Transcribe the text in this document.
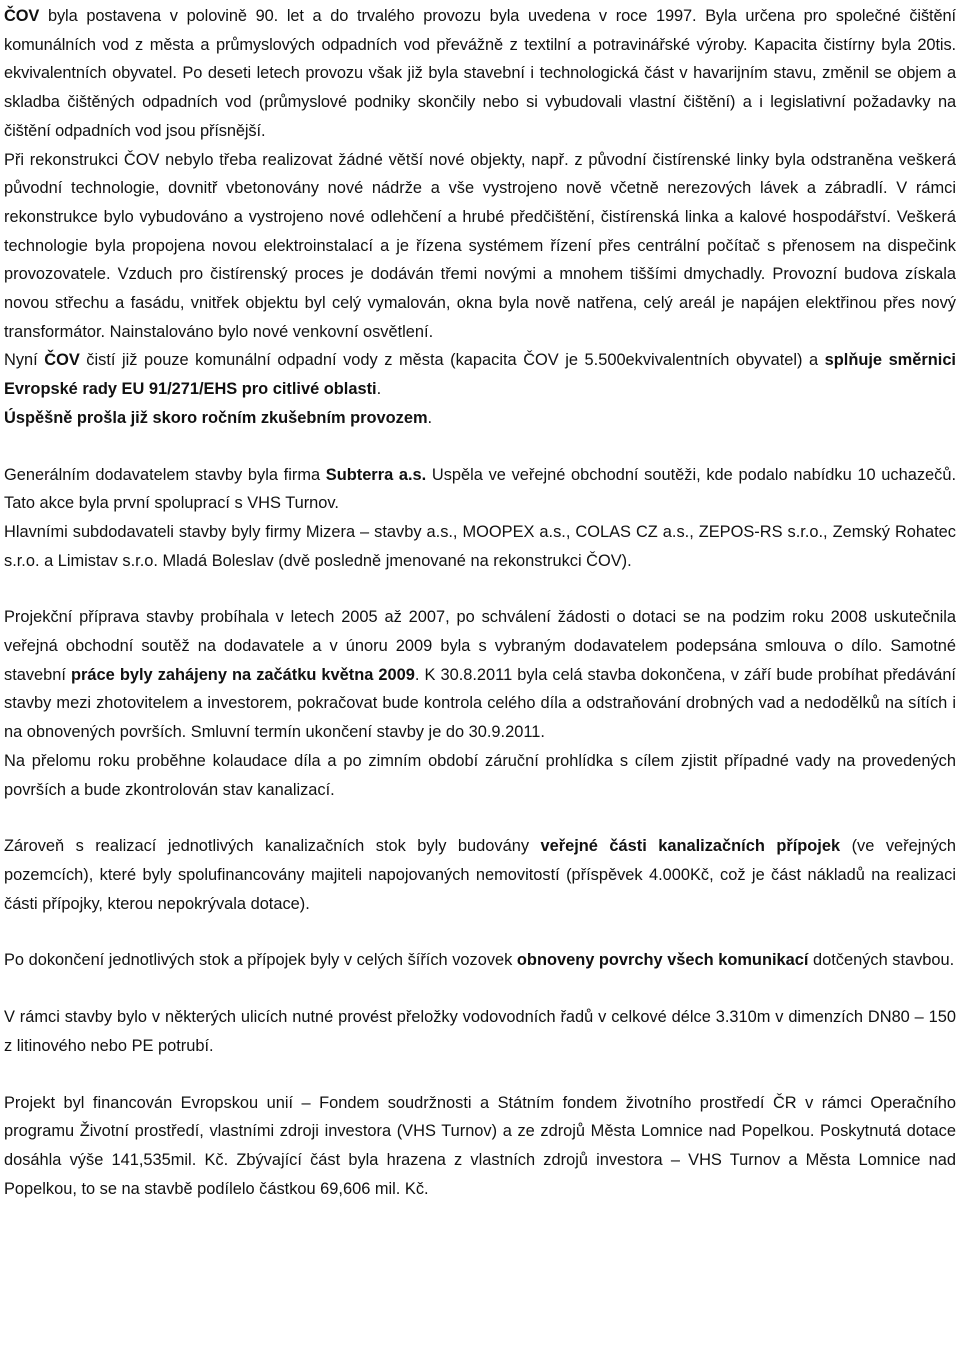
ČOV byla postavena v polovině 90. let a do trvalého provozu byla uvedena v roce 1997. Byla určena pro společné čištění komunálních vod z města a průmyslových odpadních vod převážně z textilní a potravinářské výroby. Kapacita čistírny byla 20tis. ekvivalentních obyvatel. Po deseti letech provozu však již byla stavební i technologická část v havarijním stavu, změnil se objem a skladba čištěných odpadních vod (průmyslové podniky skončily nebo si vybudovali vlastní čištění) a i legislativní požadavky na čištění odpadních vod jsou přísnější.

Při rekonstrukci ČOV nebylo třeba realizovat žádné větší nové objekty, např. z původní čistírenské linky byla odstraněna veškerá původní technologie, dovnitř vbetonovány nové nádrže a vše vystrojeno nově včetně nerezových lávek a zábradlí. V rámci rekonstrukce bylo vybudováno a vystrojeno nové odlehčení a hrubé předčištění, čistírenská linka a kalové hospodářství. Veškerá technologie byla propojena novou elektroinstalací a je řízena systémem řízení přes centrální počítač s přenosem na dispečink provozovatele. Vzduch pro čistírenský proces je dodáván třemi novými a mnohem tiššími dmychadly. Provozní budova získala novou střechu a fasádu, vnitřek objektu byl celý vymalován, okna byla nově natřena, celý areál je napájen elektřinou přes nový transformátor. Nainstalováno bylo nové venkovní osvětlení.

Nyní ČOV čistí již pouze komunální odpadní vody z města (kapacita ČOV je 5.500ekvivalentních obyvatel) a splňuje směrnici Evropské rady EU 91/271/EHS pro citlivé oblasti.

Úspěšně prošla již skoro ročním zkušebním provozem.

Generálním dodavatelem stavby byla firma Subterra a.s. Uspěla ve veřejné obchodní soutěži, kde podalo nabídku 10 uchazečů. Tato akce byla první spoluprací s VHS Turnov.

Hlavními subdodavateli stavby byly firmy Mizera – stavby a.s., MOOPEX a.s., COLAS CZ a.s., ZEPOS-RS s.r.o., Zemský Rohatec s.r.o. a Limistav s.r.o. Mladá Boleslav (dvě posledně jmenované na rekonstrukci ČOV).

Projekční příprava stavby probíhala v letech 2005 až 2007, po schválení žádosti o dotaci se na podzim roku 2008 uskutečnila veřejná obchodní soutěž na dodavatele a v únoru 2009 byla s vybraným dodavatelem podepsána smlouva o dílo. Samotné stavební práce byly zahájeny na začátku května 2009. K 30.8.2011 byla celá stavba dokončena, v září bude probíhat předávání stavby mezi zhotovitelem a investorem, pokračovat bude kontrola celého díla a odstraňování drobných vad a nedodělků na sítích i na obnovených površích. Smluvní termín ukončení stavby je do 30.9.2011.

Na přelomu roku proběhne kolaudace díla a po zimním období záruční prohlídka s cílem zjistit případné vady na provedených površích a bude zkontrolován stav kanalizací.

Zároveň s realizací jednotlivých kanalizačních stok byly budovány veřejné části kanalizačních přípojek (ve veřejných pozemcích), které byly spolufinancovány majiteli napojovaných nemovitostí (příspěvek 4.000Kč, což je část nákladů na realizaci části přípojky, kterou nepokrývala dotace).

Po dokončení jednotlivých stok a přípojek byly v celých šířích vozovek obnoveny povrchy všech komunikací dotčených stavbou.

V rámci stavby bylo v některých ulicích nutné provést přeložky vodovodních řadů v celkové délce 3.310m v dimenzích DN80 – 150 z litinového nebo PE potrubí.

Projekt byl financován Evropskou unií – Fondem soudržnosti a Státním fondem životního prostředí ČR v rámci Operačního programu Životní prostředí, vlastními zdroji investora (VHS Turnov) a ze zdrojů Města Lomnice nad Popelkou. Poskytnutá dotace dosáhla výše 141,535mil. Kč. Zbývající část byla hrazena z vlastních zdrojů investora – VHS Turnov a Města Lomnice nad Popelkou, to se na stavbě podílelo částkou 69,606 mil. Kč.
